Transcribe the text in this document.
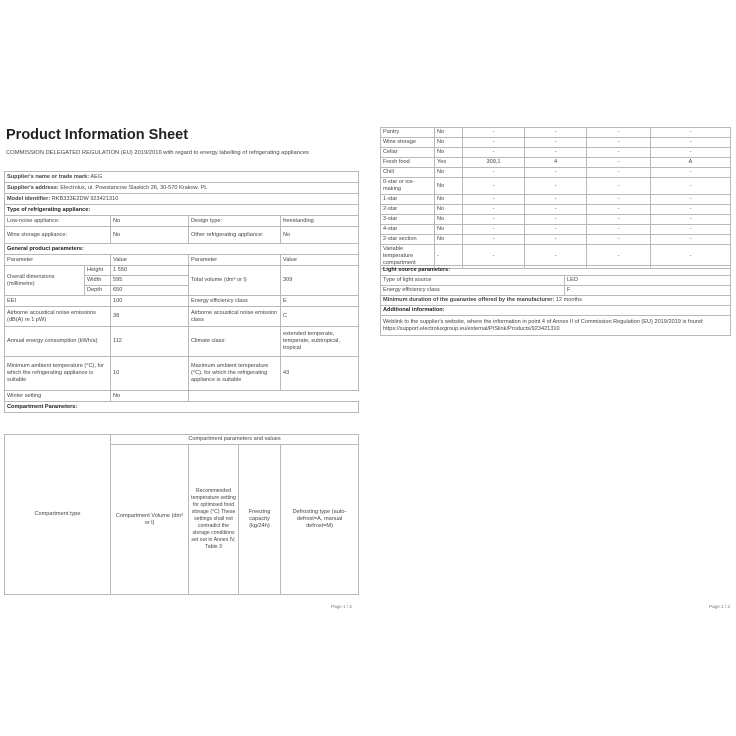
Product Information Sheet
COMMISSION DELEGATED REGULATION (EU) 2019/2016 with regard to energy labelling of refrigerating appliances
Supplier's name or trade mark: AEG				
Supplier's address: Electrolux, ul. Powstancow Slaskich 26, 30-570 Krakow, PL				
Model identifier: RKB333E2DW 923421310				
Type of refrigerating appliance:				
Low-noise appliance:		No	Design type:	freestanding
Wine storage appliance:		No	Other refrigerating appliance:	No
General product parameters:				
Parameter		Value	Parameter	Value
Overall dimensions (millimetre)	Height	1 550	Total volume (dm³ or l)	309
	Width	595		
	Depth	650		
EEI		100	Energy efficiency class	E
Airborne acoustical noise emissions (dB(A) re 1 pW)		38	Airborne acoustical noise emission class	C
Annual energy consumption (kWh/a)		112	Climate class:	extended temperate, temperate, subtropical, tropical
Minimum ambient temperature (°C), for which the refrigerating appliance is suitable		10	Maximum ambient temperature (°C), for which the refrigerating appliance is suitable	43
Winter setting		No		
Compartment Parameters:				
Compartment type	Compartment parameters and values			
	Compartment Volume (dm³ or l)	Recommended temperature setting for optimised food storage (°C) These settings shall not contradict the storage conditions set out in Annex IV, Table 3	Freezing capacity (kg/24h)	Defrosting type (auto-defrost=A, manual defrost=M)
Page 1 / 2
Pantry	No	-	-	-	-
Wine storage	No	-	-	-	-
Cellar	No	-	-	-	-
Fresh food	Yes	309,1	4	-	A
Chill	No	-	-	-	-
0-star or ice-making	No	-	-	-	-
1-star	No	-	-	-	-
2-star	No	-	-	-	-
3-star	No	-	-	-	-
4-star	No	-	-	-	-
2-star section	No	-	-	-	-
Variable temperature compartment	-	-	-	-	-
Light source parameters:	
Type of light source	LED
Energy efficiency class	F
Minimum duration of the guarantee offered by the manufacturer: 12 months	
Additional information:	
Weblink to the supplier's website, where the information in point 4 of Annex II of Commission Regulation (EU) 2019/2019 is found: https://support.electroluxgroup.eu/external/PISlink/Products/923421310	
Page 2 / 2
